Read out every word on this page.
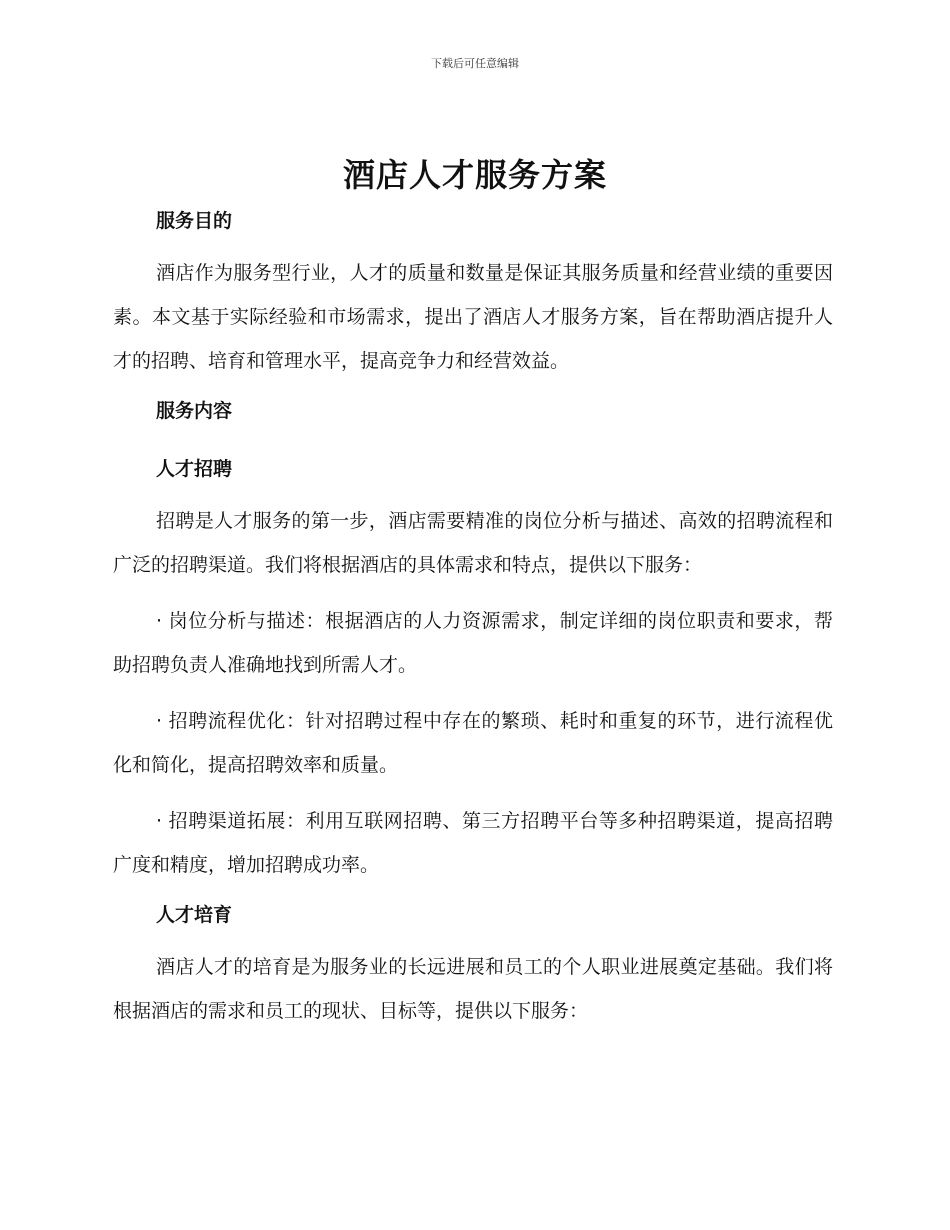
下载后可任意编辑
酒店人才服务方案
服务目的

酒店作为服务型行业，人才的质量和数量是保证其服务质量和经营业绩的重要因素。本文基于实际经验和市场需求，提出了酒店人才服务方案，旨在帮助酒店提升人才的招聘、培育和管理水平，提高竞争力和经营效益。

服务内容
人才招聘

招聘是人才服务的第一步，酒店需要精准的岗位分析与描述、高效的招聘流程和广泛的招聘渠道。我们将根据酒店的具体需求和特点，提供以下服务：

· 岗位分析与描述：根据酒店的人力资源需求，制定详细的岗位职责和要求，帮助招聘负责人准确地找到所需人才。

· 招聘流程优化：针对招聘过程中存在的繁琐、耗时和重复的环节，进行流程优化和简化，提高招聘效率和质量。

· 招聘渠道拓展：利用互联网招聘、第三方招聘平台等多种招聘渠道，提高招聘广度和精度，增加招聘成功率。

人才培育

酒店人才的培育是为服务业的长远进展和员工的个人职业进展奠定基础。我们将根据酒店的需求和员工的现状、目标等，提供以下服务：
